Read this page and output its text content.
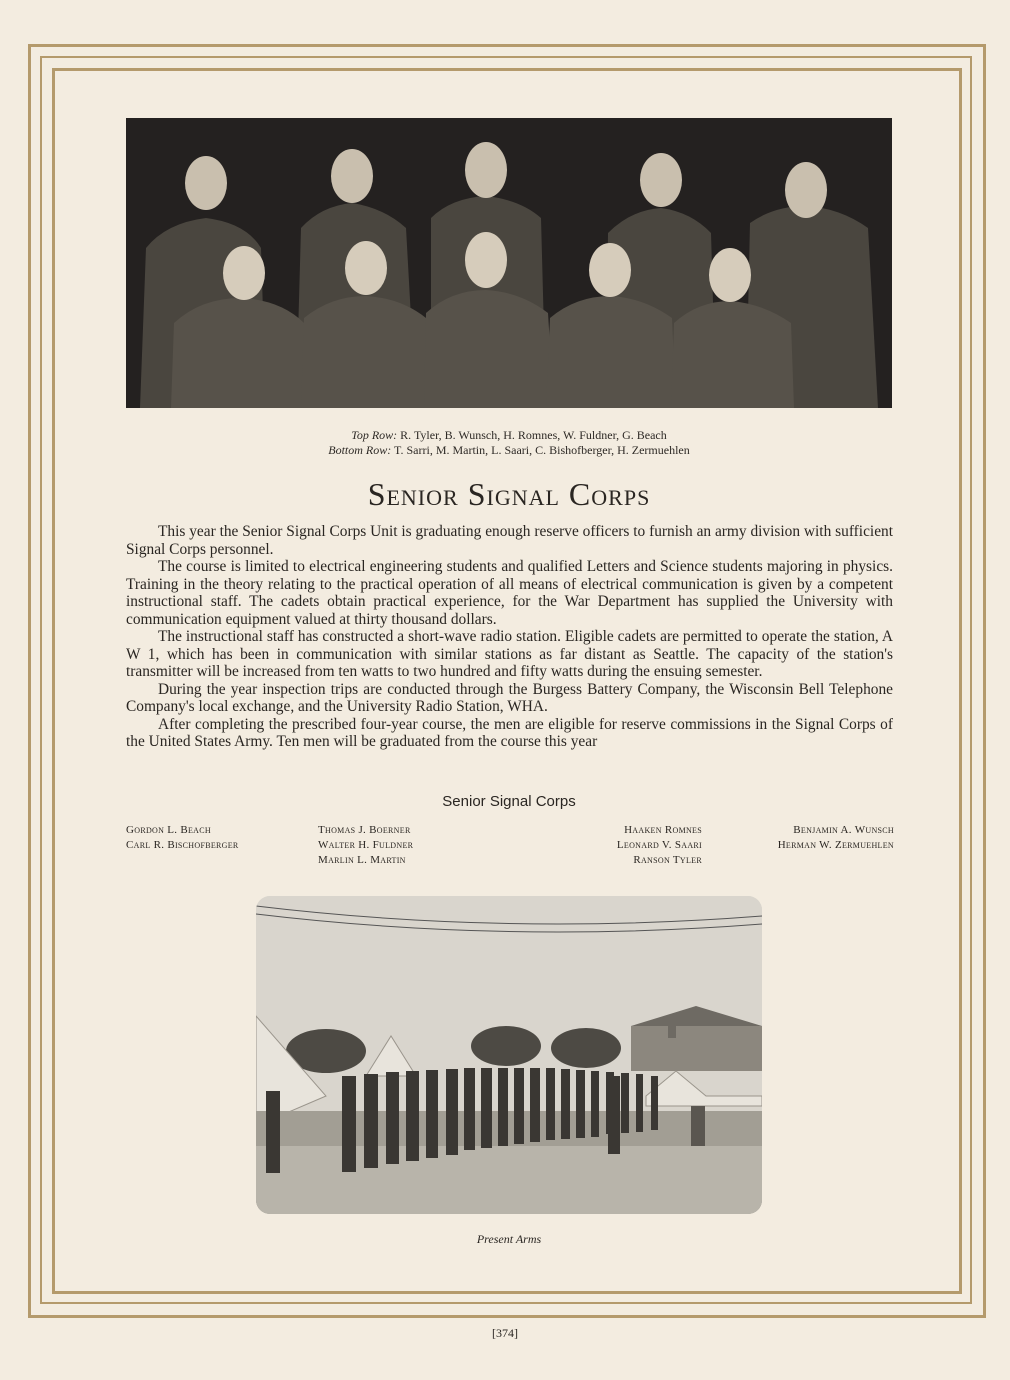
Top Row: R. Tyler, B. Wunsch, H. Romnes, W. Fuldner, G. Beach
Bottom Row: T. Sarri, M. Martin, L. Saari, C. Bishofberger, H. Zermuehlen
Senior Signal Corps

This year the Senior Signal Corps Unit is graduating enough reserve officers to furnish an army division with sufficient Signal Corps personnel.

The course is limited to electrical engineering students and qualified Letters and Science students majoring in physics. Training in the theory relating to the practical operation of all means of electrical communication is given by a competent instructional staff. The cadets obtain practical experience, for the War Department has supplied the University with communication equipment valued at thirty thousand dollars.

The instructional staff has constructed a short-wave radio station. Eligible cadets are permitted to operate the station, A W 1, which has been in communication with similar stations as far distant as Seattle. The capacity of the station's transmitter will be increased from ten watts to two hundred and fifty watts during the ensuing semester.

During the year inspection trips are conducted through the Burgess Battery Company, the Wisconsin Bell Telephone Company's local exchange, and the University Radio Station, WHA.

After completing the prescribed four-year course, the men are eligible for reserve commissions in the Signal Corps of the United States Army. Ten men will be graduated from the course this year

Senior Signal Corps
Gordon L. Beach
Carl R. Bischofberger
Thomas J. Boerner
Walter H. Fuldner
Marlin L. Martin
Haaken Romnes
Leonard V. Saari
Ranson Tyler
Benjamin A. Wunsch
Herman W. Zermuehlen
Present Arms
[374]
